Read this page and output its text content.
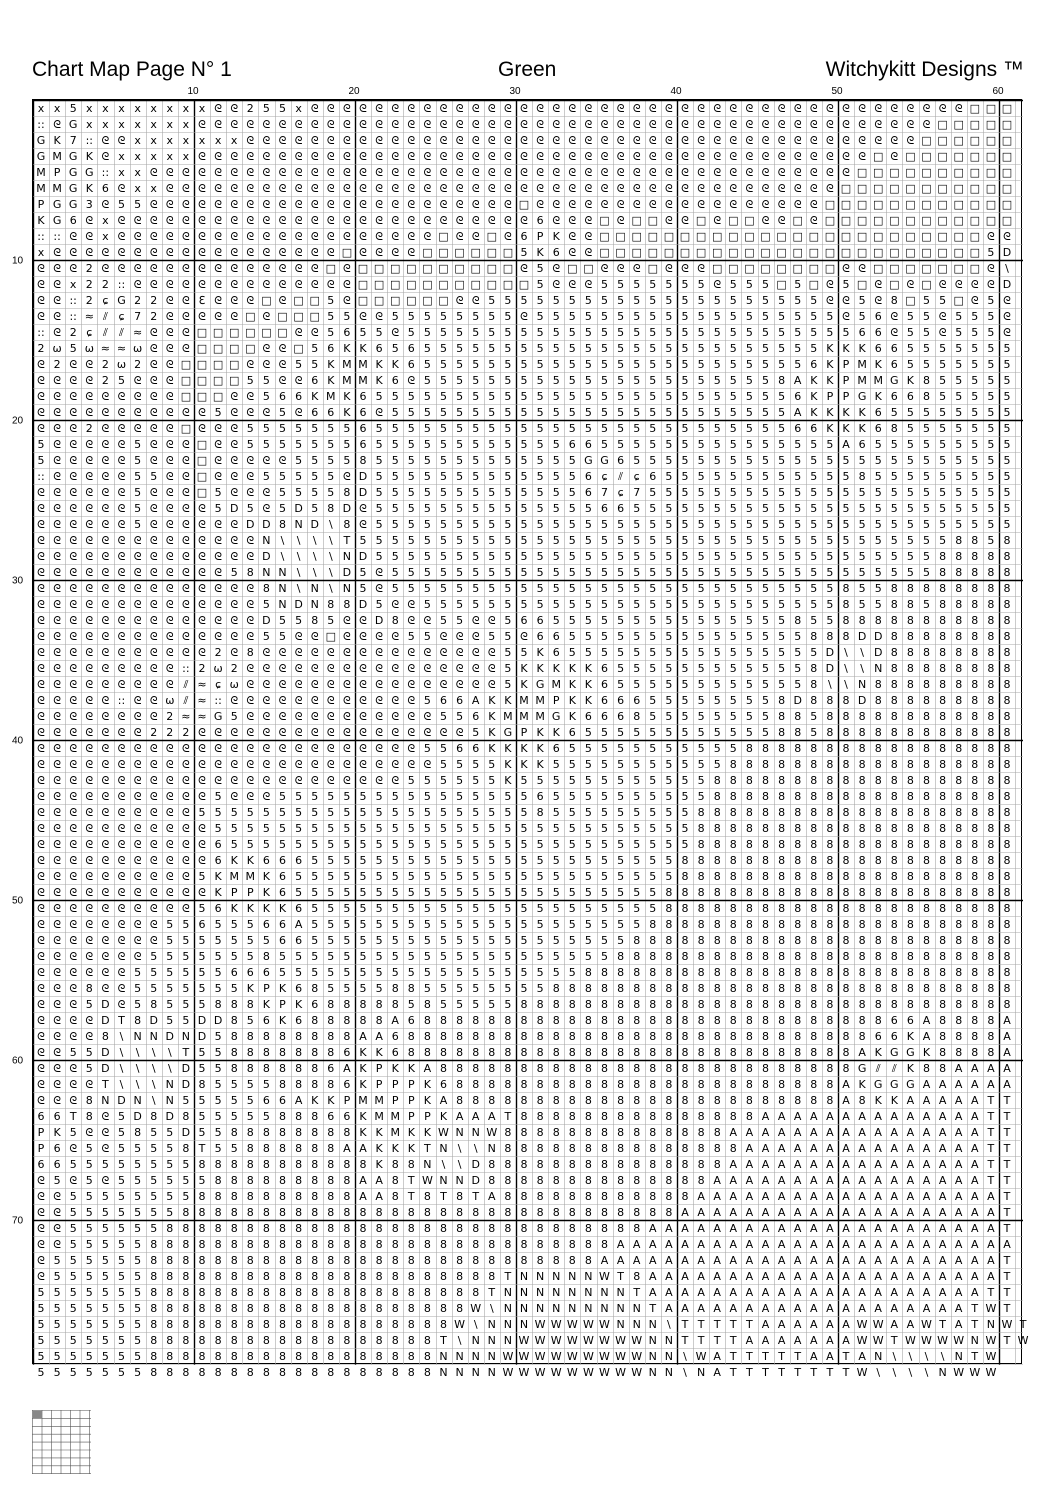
Chart Map Page N° 1	Green	Witchykitt Designs ™
10	20	30	40	50	60
10
20
30
40
50
60
70
x x 5 x x x x x x x x ᘓ ᘓ 2 5 5 x ᘓ ᘓ ᘓ ᘓ ᘓ ᘓ ᘓ ᘓ ᘓ ᘓ ᘓ ᘓ ᘓ ᘓ ᘓ ᘓ ᘓ ᘓ ᘓ ᘓ ᘓ ᘓ ᘓ ᘓ ᘓ ᘓ ᘓ ᘓ ᘓ ᘓ ᘓ ᘓ ᘓ ᘓ ᘓ ᘓ ᘓ ᘓ ᘓ ᘓ ᘓ □ □ □
:: ᘓ G x x x x x x x ᘓ ᘓ ᘓ ᘓ ᘓ ᘓ ᘓ ᘓ ᘓ ᘓ ᘓ ᘓ ᘓ ᘓ ᘓ ᘓ ᘓ ᘓ ᘓ ᘓ ᘓ ᘓ ᘓ ᘓ ᘓ ᘓ ᘓ ᘓ ᘓ ᘓ ᘓ ᘓ ᘓ ᘓ ᘓ ᘓ ᘓ ᘓ ᘓ ᘓ ᘓ ᘓ ᘓ ᘓ ᘓ ᘓ □ □ □ □ □
G K 7 :: ᘓ ᘓ x x x x x x x ᘓ ᘓ ᘓ ᘓ ᘓ ᘓ ᘓ ᘓ ᘓ ᘓ ᘓ ᘓ ᘓ ᘓ ᘓ ᘓ ᘓ ᘓ ᘓ ᘓ ᘓ ᘓ ᘓ ᘓ ᘓ ᘓ ᘓ ᘓ ᘓ ᘓ ᘓ ᘓ ᘓ ᘓ ᘓ ᘓ ᘓ ᘓ ᘓ ᘓ ᘓ ᘓ □ □ □ □ □ □
G M G K ᘓ x x x x x ᘓ ᘓ ᘓ ᘓ ᘓ ᘓ ᘓ ᘓ ᘓ ᘓ ᘓ ᘓ ᘓ ᘓ ᘓ ᘓ ᘓ ᘓ ᘓ ᘓ ᘓ ᘓ ᘓ ᘓ ᘓ ᘓ ᘓ ᘓ ᘓ ᘓ ᘓ ᘓ ᘓ ᘓ ᘓ ᘓ ᘓ ᘓ ᘓ ᘓ ᘓ ᘓ □ ᘓ □ □ □ □ □ □ □
M P G G :: x x ᘓ ᘓ ᘓ ᘓ ᘓ ᘓ ᘓ ᘓ ᘓ ᘓ ᘓ ᘓ ᘓ ᘓ ᘓ ᘓ ᘓ ᘓ ᘓ ᘓ ᘓ ᘓ ᘓ ᘓ ᘓ ᘓ ᘓ ᘓ ᘓ ᘓ ᘓ ᘓ ᘓ ᘓ ᘓ ᘓ ᘓ ᘓ ᘓ ᘓ ᘓ ᘓ ᘓ ᘓ □ □ □ □ □ □ □ □ □ □
M M G K 6 ᘓ x x ᘓ ᘓ ᘓ ᘓ ᘓ ᘓ ᘓ ᘓ ᘓ ᘓ ᘓ ᘓ ᘓ ᘓ ᘓ ᘓ ᘓ ᘓ ᘓ ᘓ ᘓ ᘓ ᘓ ᘓ ᘓ ᘓ ᘓ ᘓ ᘓ ᘓ ᘓ ᘓ ᘓ ᘓ ᘓ ᘓ ᘓ ᘓ ᘓ ᘓ ᘓ ᘓ □ □ □ □ □ □ □ □ □ □ □
P G G 3 ᘓ 5 5 ᘓ ᘓ ᘓ ᘓ ᘓ ᘓ ᘓ ᘓ ᘓ ᘓ ᘓ ᘓ ᘓ ᘓ ᘓ ᘓ ᘓ ᘓ ᘓ ᘓ ᘓ ᘓ ᘓ □ ᘓ ᘓ ᘓ ᘓ ᘓ ᘓ ᘓ ᘓ ᘓ ᘓ ᘓ ᘓ ᘓ ᘓ ᘓ ᘓ ᘓ ᘓ □ □ □ □ □ □ □ □ □ □ □ □
K G 6 ᘓ x ᘓ ᘓ ᘓ ᘓ ᘓ ᘓ ᘓ ᘓ ᘓ ᘓ ᘓ ᘓ ᘓ ᘓ ᘓ ᘓ ᘓ ᘓ ᘓ ᘓ ᘓ ᘓ ᘓ ᘓ ᘓ ᘓ 6 ᘓ ᘓ ᘓ □ ᘓ □ □ ᘓ ᘓ □ ᘓ □ □ ᘓ ᘓ □ ᘓ □ □ □ □ □ □ □ □ □ □ □ □
:: :: ᘓ ᘓ x ᘓ ᘓ ᘓ ᘓ ᘓ ᘓ ᘓ ᘓ ᘓ ᘓ ᘓ ᘓ ᘓ ᘓ ᘓ ᘓ ᘓ ᘓ ᘓ ᘓ □ ᘓ ᘓ □ ᘓ 6 P K ᘓ ᘓ □ □ □ □ □ □ □ □ □ □ □ □ □ □ □ □ □ □ □ □ □ □ □ □ ᘓ ᘓ
x ᘓ ᘓ ᘓ ᘓ ᘓ ᘓ ᘓ ᘓ ᘓ ᘓ ᘓ ᘓ ᘓ ᘓ ᘓ ᘓ ᘓ ᘓ □ ᘓ ᘓ ᘓ ᘓ □ □ □ □ □ □ 5 K 6 ᘓ ᘓ □ □ □ □ □ □ □ □ □ □ □ □ □ □ □ □ □ □ □ □ □ □ □ □ 5 D
ᘓ ᘓ ᘓ 2 ᘓ ᘓ ᘓ ᘓ ᘓ ᘓ ᘓ ᘓ ᘓ ᘓ ᘓ ᘓ ᘓ ᘓ □ ᘓ □ □ □ □ □ □ □ □ □ □ ᘓ 5 ᘓ □ □ ᘓ ᘓ ᘓ □ ᘓ ᘓ ᘓ □ □ □ □ □ □ □ □ ᘓ ᘓ □ □ □ □ □ □ □ ᘓ \
ᘓ ᘓ x 2 2 :: ᘓ ᘓ ᘓ ᘓ ᘓ ᘓ ᘓ ᘓ ᘓ ᘓ ᘓ ᘓ ᘓ ᘓ □ □ □ □ □ □ □ □ □ □ □ 5 ᘓ ᘓ ᘓ 5 5 5 5 5 5 5 ᘓ 5 5 5 □ 5 □ ᘓ 5 □ ᘓ □ ᘓ □ ᘓ ᘓ ᘓ ᘓ D
ᘓ ᘓ :: 2 ɕ G 2 2 ᘓ ᘓ ℇ ᘓ ᘓ ᘓ □ ᘓ □ □ 5 ᘓ □ □ □ □ □ □ ᘓ ᘓ 5 5 5 5 5 5 5 5 5 5 5 5 5 5 5 5 5 5 5 5 5 ᘓ ᘓ 5 ᘓ 8 □ 5 5 □ ᘓ 5 ᘓ
ᘓ ᘓ :: ≈ ⫽ ɕ 7 2 ᘓ ᘓ ᘓ ᘓ ᘓ □ ᘓ □ □ □ 5 5 ᘓ ᘓ 5 5 5 5 5 5 5 5 ᘓ 5 5 5 5 5 5 5 5 5 5 5 5 5 5 5 5 5 5 5 ᘓ 5 6 ᘓ 5 5 ᘓ 5 5 5 ᘓ
:: ᘓ 2 ɕ ⫽	⫽ ≈ ᘓ ᘓ ᘓ □ □ □ □ □ □ ᘓ ᘓ 5 6 5 5 ᘓ 5 5 5 5 5 5 5 5 5 5 5 5 5 5 5 5 5 5 5 5 5 5 5 5 5 5 5 5 6 6 ᘓ 5 5 ᘓ 5 5 5 ᘓ
2 ω 5 ω ≈ ≈ ω ᘓ ᘓ ᘓ □ □ □ □ ᘓ ᘓ □ 5 6 K K 6 5 6 5 5 5 5 5 5 5 5 5 5 5 5 5 5 5 5 5 5 5 5 5 5 5 5 5 K K K 6 6 5 5 5 5 5 5 5
ᘓ 2 ᘓ ᘓ 2 ω 2 ᘓ ᘓ □ □ □ □ ᘓ ᘓ ᘓ 5 5 K M M K K 6 5 5 5 5 5 5 5 5 5 5 5 5 5 5 5 5 5 5 5 5 5 5 5 5 6 K P M K 6 5 5 5 5 5 5 5
ᘓ ᘓ ᘓ ᘓ 2 5 ᘓ ᘓ ᘓ □ □ □ □ 5 5 ᘓ ᘓ 6 K M M K 6 ᘓ 5 5 5 5 5 5 5 5 5 5 5 5 5 5 5 5 5 5 5 5 5 5 8 A K K P M M G K 8 5 5 5 5 5
ᘓ ᘓ ᘓ ᘓ ᘓ ᘓ ᘓ ᘓ ᘓ □ □ □ ᘓ ᘓ 5 6 6 K M K 6 5 5 5 5 5 5 5 5 5 5 5 5 5 5 5 5 5 5 5 5 5 5 5 5 5 5 6 K P P G K 6 6 8 5 5 5 5 5
ᘓ ᘓ ᘓ ᘓ ᘓ ᘓ ᘓ ᘓ ᘓ ᘓ ᘓ 5 ᘓ ᘓ ᘓ 5 ᘓ 6 6 K 6 ᘓ 5 5 5 5 5 5 5 5 5 5 5 5 5 5 5 5 5 5 5 5 5 5 5 5 5 A K K K K 6 5 5 5 5 5 5 5 5
ᘓ ᘓ ᘓ 2 ᘓ ᘓ ᘓ ᘓ ᘓ □ ᘓ ᘓ ᘓ 5 5 5 5 5 5 5 6 5 5 5 5 5 5 5 5 5 5 5 5 5 5 5 5 5 5 5 5 5 5 5 5 5 5 6 6 K K K 6 8 5 5 5 5 5 5 5
5 ᘓ ᘓ ᘓ ᘓ ᘓ 5 ᘓ ᘓ ᘓ □ ᘓ ᘓ 5 5 5 5 5 5 5 6 5 5 5 5 5 5 5 5 5 5 5 5 6 6 5 5 5 5 5 5 5 5 5 5 5 5 5 5 5 A 6 5 5 5 5 5 5 5 5 5
5 ᘓ ᘓ ᘓ ᘓ ᘓ 5 ᘓ ᘓ ᘓ □ ᘓ ᘓ ᘓ ᘓ ᘓ 5 5 5 5 8 5 5 5 5 5 5 5 5 5 5 5 5 5 G G 6 5 5 5 5 5 5 5 5 5 5 5 5 5 5 5 5 5 5 5 5 5 5 5 5
:: ᘓ ᘓ ᘓ ᘓ ᘓ 5 5 ᘓ ᘓ □ ᘓ ᘓ ᘓ 5 5 5 5 5 ᘓ D 5 5 5 5 5 5 5 5 5 5 5 5 5 6 ɕ ⫽ ɕ 6 5 5 5 5 5 5 5 5 5 5 5 5 8 5 5 5 5 5 5 5 5 5
ᘓ ᘓ ᘓ ᘓ ᘓ ᘓ 5 ᘓ ᘓ ᘓ □ 5 ᘓ ᘓ ᘓ 5 5 5 5 8 D 5 5 5 5 5 5 5 5 5 5 5 5 5 6 7 ɕ 7 5 5 5 5 5 5 5 5 5 5 5 5 5 5 5 5 5 5 5 5 5 5 5
ᘓ ᘓ ᘓ ᘓ ᘓ ᘓ 5 ᘓ ᘓ ᘓ ᘓ 5 D 5 ᘓ 5 D 5 8 D ᘓ 5 5 5 5 5 5 5 5 5 5 5 5 5 5 6 6 5 5 5 5 5 5 5 5 5 5 5 5 5 5 5 5 5 5 5 5 5 5 5 5
ᘓ ᘓ ᘓ ᘓ ᘓ ᘓ 5 ᘓ ᘓ ᘓ ᘓ ᘓ ᘓ D D 8 N D \ 8 ᘓ 5 5 5 5 5 5 5 5 5 5 5 5 5 5 5 5 5 5 5 5 5 5 5 5 5 5 5 5 5 5 5 5 5 5 5 5 5 5 5 5
ᘓ ᘓ ᘓ ᘓ ᘓ ᘓ ᘓ ᘓ ᘓ ᘓ ᘓ ᘓ ᘓ ᘓ N \	\	\	\ T 5 5 5 5 5 5 5 5 5 5 5 5 5 5 5 5 5 5 5 5 5 5 5 5 5 5 5 5 5 5 5 5 5 5 5 5 5 8 8 5 8
ᘓ ᘓ ᘓ ᘓ ᘓ ᘓ ᘓ ᘓ ᘓ ᘓ ᘓ ᘓ ᘓ ᘓ D \	\	\	\ N D 5 5 5 5 5 5 5 5 5 5 5 5 5 5 5 5 5 5 5 5 5 5 5 5 5 5 5 5 5 5 5 5 5 5 5 8 8 8 8 8
ᘓ ᘓ ᘓ ᘓ ᘓ ᘓ ᘓ ᘓ ᘓ ᘓ ᘓ ᘓ 5 8 N N \	\	\ D 5 ᘓ 5 5 5 5 5 5 5 5 5 5 5 5 5 5 5 5 5 5 5 5 5 5 5 5 5 5 5 5 5 5 5 5 5 5 8 8 8 8 8
ᘓ ᘓ ᘓ ᘓ ᘓ ᘓ ᘓ ᘓ ᘓ ᘓ ᘓ ᘓ ᘓ ᘓ 8 N \ N \ N 5 ᘓ 5 5 5 5 5 5 5 5 5 5 5 5 5 5 5 5 5 5 5 5 5 5 5 5 5 5 5 5 8 5 5 8 8 8 8 8 8 8 8
ᘓ ᘓ ᘓ ᘓ ᘓ ᘓ ᘓ ᘓ ᘓ ᘓ ᘓ ᘓ ᘓ ᘓ 5 N D N 8 8 D 5 ᘓ ᘓ 5 5 5 5 5 5 5 5 5 5 5 5 5 5 5 5 5 5 5 5 5 5 5 5 5 5 8 5 5 8 8 5 8 8 8 8 8
ᘓ ᘓ ᘓ ᘓ ᘓ ᘓ ᘓ ᘓ ᘓ ᘓ ᘓ ᘓ ᘓ ᘓ D 5 5 8 5 ᘓ ᘓ D 8 ᘓ ᘓ 5 5 ᘓ ᘓ 5 6 6 5 5 5 5 5 5 5 5 5 5 5 5 5 5 5 8 5 5 8 8 8 8 8 8 8 8 8 8 8
ᘓ ᘓ ᘓ ᘓ ᘓ ᘓ ᘓ ᘓ ᘓ ᘓ ᘓ ᘓ ᘓ ᘓ 5 5 ᘓ ᘓ □ ᘓ ᘓ ᘓ ᘓ 5 5 ᘓ ᘓ ᘓ 5 5 ᘓ 6 6 5 5 5 5 5 5 5 5 5 5 5 5 5 5 5 8 8 8 D D 8 8 8 8 8 8 8 8
ᘓ ᘓ ᘓ ᘓ ᘓ ᘓ ᘓ ᘓ ᘓ ᘓ ᘓ 2 ᘓ 8 ᘓ ᘓ ᘓ ᘓ ᘓ ᘓ ᘓ ᘓ ᘓ ᘓ ᘓ ᘓ ᘓ ᘓ ᘓ 5 5 K 6 5 5 5 5 5 5 5 5 5 5 5 5 5 5 5 5 D \	\ D 8 8 8 8 8 8 8 8
ᘓ ᘓ ᘓ ᘓ ᘓ ᘓ ᘓ ᘓ ᘓ :: 2 ω 2 ᘓ ᘓ ᘓ ᘓ ᘓ ᘓ ᘓ ᘓ ᘓ ᘓ ᘓ ᘓ ᘓ ᘓ ᘓ ᘓ 5 K K K K K 6 5 5 5 5 5 5 5 5 5 5 5 5 8 D \	\ N 8 8 8 8 8 8 8 8
ᘓ ᘓ ᘓ ᘓ ᘓ ᘓ ᘓ ᘓ ᘓ ⫽ ≈ ɕ ω ᘓ ᘓ ᘓ ᘓ ᘓ ᘓ ᘓ ᘓ ᘓ ᘓ ᘓ ᘓ ᘓ ᘓ ᘓ ᘓ 5 K G M K K 6 5 5 5 5 5 5 5 5 5 5 5 5 8 \	\ N 8 8 8 8 8 8 8 8 8
ᘓ ᘓ ᘓ ᘓ ᘓ :: ᘓ ᘓ ω ⫽ ≈ :: ᘓ ᘓ ᘓ ᘓ ᘓ ᘓ ᘓ ᘓ ᘓ ᘓ ᘓ ᘓ 5 6 6 A K K M M P K K 6 6 6 5 5 5 5 5 5 5 5 8 D 8 8 8 D 8 8 8 8 8 8 8 8 8
ᘓ ᘓ ᘓ ᘓ ᘓ ᘓ ᘓ ᘓ 2 ≈ ≈ G 5 ᘓ ᘓ ᘓ ᘓ ᘓ ᘓ ᘓ ᘓ ᘓ ᘓ ᘓ ᘓ 5 5 6 K M M M G K 6 6 6 8 5 5 5 5 5 5 5 5 8 8 5 8 8 8 8 8 8 8 8 8 8 8 8
ᘓ ᘓ ᘓ ᘓ ᘓ ᘓ ᘓ 2 2 2 ᘓ ᘓ ᘓ ᘓ ᘓ ᘓ ᘓ ᘓ ᘓ ᘓ ᘓ ᘓ ᘓ ᘓ ᘓ ᘓ ᘓ 5 K G P K K 6 5 5 5 5 5 5 5 5 5 5 5 5 8 8 5 8 8 8 8 8 8 8 8 8 8 8 8
ᘓ ᘓ ᘓ ᘓ ᘓ ᘓ ᘓ ᘓ ᘓ ᘓ ᘓ ᘓ ᘓ ᘓ ᘓ ᘓ ᘓ ᘓ ᘓ ᘓ ᘓ ᘓ ᘓ ᘓ 5 5 6 6 K K K K 6 5 5 5 5 5 5 5 5 5 5 5 8 8 8 8 8 8 8 8 8 8 8 8 8 8 8 8 8
ᘓ ᘓ ᘓ ᘓ ᘓ ᘓ ᘓ ᘓ ᘓ ᘓ ᘓ ᘓ ᘓ ᘓ ᘓ ᘓ ᘓ ᘓ ᘓ ᘓ ᘓ ᘓ ᘓ ᘓ ᘓ 5 5 5 5 K K K 5 5 5 5 5 5 5 5 5 5 5 8 8 8 8 8 8 8 8 8 8 8 8 8 8 8 8 8 8
ᘓ ᘓ ᘓ ᘓ ᘓ ᘓ ᘓ ᘓ ᘓ ᘓ ᘓ ᘓ ᘓ ᘓ ᘓ ᘓ ᘓ ᘓ ᘓ ᘓ ᘓ ᘓ ᘓ 5 5 5 5 5 5 K 5 5 5 5 5 5 5 5 5 5 5 5 8 8 8 8 8 8 8 8 8 8 8 8 8 8 8 8 8 8 8
ᘓ ᘓ ᘓ ᘓ ᘓ ᘓ ᘓ ᘓ ᘓ ᘓ ᘓ 5 ᘓ ᘓ ᘓ 5 5 5 5 5 5 5 5 5 5 5 5 5 5 5 5 6 5 5 5 5 5 5 5 5 5 5 8 8 8 8 8 8 8 8 8 8 8 8 8 8 8 8 8 8 8
ᘓ ᘓ ᘓ ᘓ ᘓ ᘓ ᘓ ᘓ ᘓ ᘓ 5 5 5 5 5 5 5 5 5 5 5 5 5 5 5 5 5 5 5 5 5 8 5 5 5 5 5 5 5 5 5 8 8 8 8 8 8 8 8 8 8 8 8 8 8 8 8 8 8 8 8
ᘓ ᘓ ᘓ ᘓ ᘓ ᘓ ᘓ ᘓ ᘓ ᘓ ᘓ 5 5 5 5 5 5 5 5 5 5 5 5 5 5 5 5 5 5 5 5 5 5 5 5 5 5 5 5 5 5 8 8 8 8 8 8 8 8 8 8 8 8 8 8 8 8 8 8 8 8
ᘓ ᘓ ᘓ ᘓ ᘓ ᘓ ᘓ ᘓ ᘓ ᘓ ᘓ 6 5 5 5 5 5 5 5 5 5 5 5 5 5 5 5 5 5 5 5 5 5 5 5 5 5 5 5 5 5 8 8 8 8 8 8 8 8 8 8 8 8 8 8 8 8 8 8 8 8
ᘓ ᘓ ᘓ ᘓ ᘓ ᘓ ᘓ ᘓ ᘓ ᘓ ᘓ 6 K K 6 6 6 5 5 5 5 5 5 5 5 5 5 5 5 5 5 5 5 5 5 5 5 5 5 5 8 8 8 8 8 8 8 8 8 8 8 8 8 8 8 8 8 8 8 8 8
ᘓ ᘓ ᘓ ᘓ ᘓ ᘓ ᘓ ᘓ ᘓ ᘓ 5 K M M K 6 5 5 5 5 5 5 5 5 5 5 5 5 5 5 5 5 5 5 5 5 5 5 5 5 8 8 8 8 8 8 8 8 8 8 8 8 8 8 8 8 8 8 8 8 8
ᘓ ᘓ ᘓ ᘓ ᘓ ᘓ ᘓ ᘓ ᘓ ᘓ ᘓ K P P K 6 5 5 5 5 5 5 5 5 5 5 5 5 5 5 5 5 5 5 5 5 5 5 5 8 8 8 8 8 8 8 8 8 8 8 8 8 8 8 8 8 8 8 8 8 8
ᘓ ᘓ ᘓ ᘓ ᘓ ᘓ ᘓ ᘓ ᘓ ᘓ 5 6 K K K K 6 5 5 5 5 5 5 5 5 5 5 5 5 5 5 5 5 5 5 5 5 5 5 8 8 8 8 8 8 8 8 8 8 8 8 8 8 8 8 8 8 8 8 8 8
ᘓ ᘓ ᘓ ᘓ ᘓ ᘓ ᘓ ᘓ 5 5 6 5 5 5 6 6 A 5 5 5 5 5 5 5 5 5 5 5 5 5 5 5 5 5 5 5 5 5 8 8 8 8 8 8 8 8 8 8 8 8 8 8 8 8 8 8 8 8 8 8 8
ᘓ ᘓ ᘓ ᘓ ᘓ ᘓ ᘓ ᘓ 5 5 5 5 5 5 5 6 6 5 5 5 5 5 5 5 5 5 5 5 5 5 5 5 5 5 5 5 5 8 8 8 8 8 8 8 8 8 8 8 8 8 8 8 8 8 8 8 8 8 8 8 8
ᘓ ᘓ ᘓ ᘓ ᘓ ᘓ ᘓ 5 5 5 5 5 5 5 8 5 5 5 5 5 5 5 5 5 5 5 5 5 5 5 5 5 5 5 5 5 8 8 8 8 8 8 8 8 8 8 8 8 8 8 8 8 8 8 8 8 8 8 8 8 8
ᘓ ᘓ ᘓ ᘓ ᘓ ᘓ 5 5 5 5 5 5 6 6 6 5 5 5 5 5 5 5 5 5 5 5 5 5 5 5 5 5 5 5 8 8 8 8 8 8 8 8 8 8 8 8 8 8 8 8 8 8 8 8 8 8 8 8 8 8 8
ᘓ ᘓ ᘓ 8 ᘓ ᘓ 5 5 5 5 5 5 5 K P K 6 8 5 5 5 5 8 8 5 5 5 5 5 5 5 5 8 8 8 8 8 8 8 8 8 8 8 8 8 8 8 8 8 8 8 8 8 8 8 8 8 8 8 8 8
ᘓ ᘓ ᘓ 5 D ᘓ 5 8 5 5 5 8 8 8 K P K 6 8 8 8 8 8 5 8 5 5 5 5 5 8 8 8 8 8 8 8 8 8 8 8 8 8 8 8 8 8 8 8 8 8 8 8 8 8 8 8 8 8 8 8
ᘓ ᘓ ᘓ ᘓ D T 8 D 5 5 D D 8 5 6 K 6 8 8 8 8 8 A 6 8 8 8 8 8 8 8 8 8 8 8 8 8 8 8 8 8 8 8 8 8 8 8 8 8 8 8 8 8 6 6 A 8 8 8 8 A
ᘓ ᘓ ᘓ ᘓ 8 \ N N D N D 5 8 8 8 8 8 8 8 8 A A 6 8 8 8 8 8 8 8 8 8 8 8 8 8 8 8 8 8 8 8 8 8 8 8 8 8 8 8 8 8 6 6 K A 8 8 8 8 A
ᘓ ᘓ 5 5 D \	\	\	\ T 5 5 8 8 8 8 8 8 8 6 K K 6 8 8 8 8 8 8 8 8 8 8 8 8 8 8 8 8 8 8 8 8 8 8 8 8 8 8 8 8 A K G G K 8 8 8 8 A
ᘓ ᘓ ᘓ 5 D \	\	\	\ D 5 5 8 8 8 8 8 8 6 A K P K K A 8 8 8 8 8 8 8 8 8 8 8 8 8 8 8 8 8 8 8 8 8 8 8 8 8 8 G ⫽	⫽ K 8 8 A A A A
ᘓ ᘓ ᘓ ᘓ T \	\	\ N D 8 5 5 5 5 8 8 8 8 6 K P P P K 6 8 8 8 8 8 8 8 8 8 8 8 8 8 8 8 8 8 8 8 8 8 8 8 8 A K G G G A A A A A A
ᘓ ᘓ ᘓ 8 N D N \ N 5 5 5 5 5 6 6 A K K P M M P P K A 8 8 8 8 8 8 8 8 8 8 8 8 8 8 8 8 8 8 8 8 8 8 8 8 A 8 K K A A A A A T T
6 6 T 8 ᘓ 5 D 8 D 8 5 5 5 5 5 8 8 8 6 6 K M M P P K A A A T 8 8 8 8 8 8 8 8 8 8 8 8 8 8 8 A A A A A A A A A A A A A A T T
P K 5 ᘓ ᘓ 5 8 5 5 D 5 5 8 8 8 8 8 8 8 8 K K M K K W N N W 8 8 8 8 8 8 8 8 8 8 8 8 8 8 A A A A A A A A A A A A A A A A T T
P 6 ᘓ 5 ᘓ 5 5 5 5 8 T 5 5 8 8 8 8 8 8 A A K K K T N \	\ N 8 8 8 8 8 8 8 8 8 8 8 8 8 8 8 A A A A A A A A A A A A A A A T T
6 6 5 5 5 5 5 5 5 5 8 8 8 8 8 8 8 8 8 8 8 K 8 8 N \	\ D 8 8 8 8 8 8 8 8 8 8 8 8 8 8 8 A A A A A A A A A A A A A A A A T T
ᘓ 5 ᘓ 5 ᘓ 5 5 5 5 5 5 8 8 8 8 8 8 8 8 8 A A 8 T W N N D 8 8 8 8 8 8 8 8 8 8 8 8 8 8 A A A A A A A A A A A A A A A A A T T
ᘓ ᘓ 5 5 5 5 5 5 5 5 8 8 8 8 8 8 8 8 8 8 A A 8 T 8 T 8 T A 8 8 8 8 8 8 8 8 8 8 8 8 A A A A A A A A A A A A A A A A A A A T
ᘓ ᘓ 5 5 5 5 5 5 5 8 8 8 8 8 8 8 8 8 8 8 8 8 8 8 8 8 8 8 8 8 8 8 8 8 8 8 8 8 8 8 A A A A A A A A A A A A A A A A A A A A T
ᘓ ᘓ 5 5 5 5 5 5 8 8 8 8 8 8 8 8 8 8 8 8 8 8 8 8 8 8 8 8 8 8 8 8 8 8 8 8 8 8 A A A A A A A A A A A A A A A A A A A A A A T
ᘓ ᘓ 5 5 5 5 5 8 8 8 8 8 8 8 8 8 8 8 8 8 8 8 8 8 8 8 8 8 8 8 8 8 8 8 8 8 A A A A A A A A A A A A A A A A A A A A A A A A A
ᘓ 5 5 5 5 5 5 8 8 8 8 8 8 8 8 8 8 8 8 8 8 8 8 8 8 8 8 8 8 8 8 8 8 8 8 A A A A A A A A A A A A A A A A A A A A A A A A A T
ᘓ 5 5 5 5 5 5 8 8 8 8 8 8 8 8 8 8 8 8 8 8 8 8 8 8 8 8 8 8 T N N N N N W T 8 A A A A A A A A A A A A A A A A A A A A A A T
5 5 5 5 5 5 5 8 8 8 8 8 8 8 8 8 8 8 8 8 8 8 8 8 8 8 8 8 T N N N N N N N N T A A A A A A A A A A A A A A A A A A A A A T T
5 5 5 5 5 5 5 8 8 8 8 8 8 8 8 8 8 8 8 8 8 8 8 8 8 8 8 W \ N N N N N N N N N T A A A A A A A A A A A A A A A A A A A T W T
5 5 5 5 5 5 5 8 8 8 8 8 8 8 8 8 8 8 8 8 8 8 8 8 8 8 W \ N N N W W W W W N N N \ T T T T T A A A A A A W W A A W T A T N W T
5 5 5 5 5 5 5 8 8 8 8 8 8 8 8 8 8 8 8 8 8 8 8 8 8 T \ N N N W W W W W W W W N N T T T T A A A A A A A W W T W W W W N W T W
5 5 5 5 5 5 5 8 8 8 8 8 8 8 8 8 8 8 8 8 8 8 8 8 8 N N N N W W W W W W W W W N N \ W A T T T T T A A T A N \	\	\	\ N T W
5 5 5 5 5 5 5 8 8 8 8 8 8 8 8 8 8 8 8 8 8 8 8 8 8 N N N N W W W W W W W W W N N \ N A T T T T T T T T W \	\	\	\ N W W W
